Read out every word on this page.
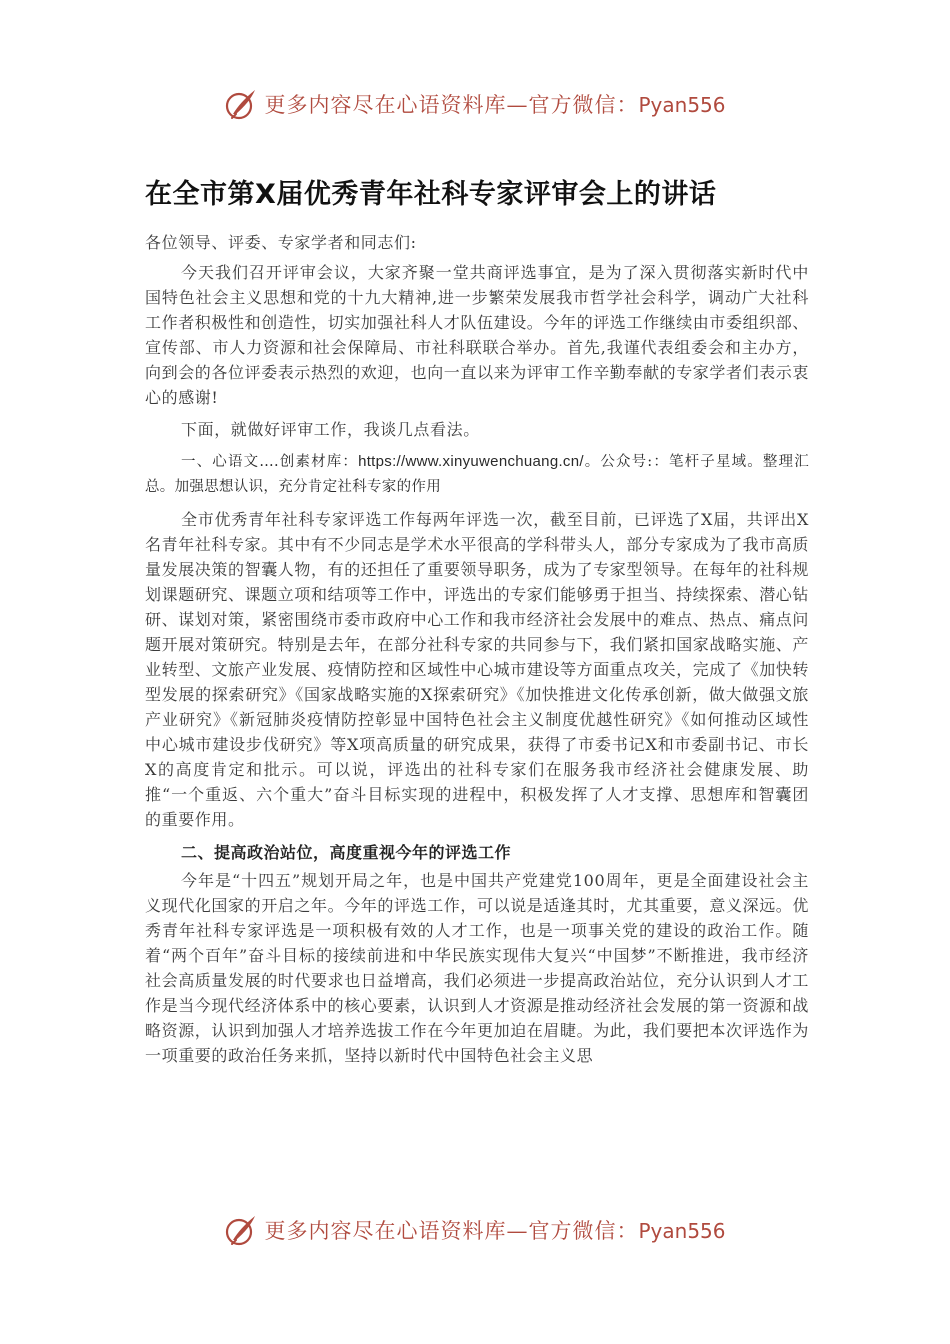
更多内容尽在心语资料库—官方微信：Pyan556
在全市第X届优秀青年社科专家评审会上的讲话

各位领导、评委、专家学者和同志们:

今天我们召开评审会议，大家齐聚一堂共商评选事宜，是为了深入贯彻落实新时代中国特色社会主义思想和党的十九大精神,进一步繁荣发展我市哲学社会科学，调动广大社科工作者积极性和创造性，切实加强社科人才队伍建设。今年的评选工作继续由市委组织部、宣传部、市人力资源和社会保障局、市社科联联合举办。首先,我谨代表组委会和主办方，向到会的各位评委表示热烈的欢迎，也向一直以来为评审工作辛勤奉献的专家学者们表示衷心的感谢!

下面，就做好评审工作，我谈几点看法。

一、心语文….创素材库：https://www.xinyuwenchuang.cn/。公众号:：笔杆子星域。整理汇总。加强思想认识，充分肯定社科专家的作用

全市优秀青年社科专家评选工作每两年评选一次，截至目前，已评选了X届，共评出X名青年社科专家。其中有不少同志是学术水平很高的学科带头人，部分专家成为了我市高质量发展决策的智囊人物，有的还担任了重要领导职务，成为了专家型领导。在每年的社科规划课题研究、课题立项和结项等工作中，评选出的专家们能够勇于担当、持续探索、潜心钻研、谋划对策，紧密围绕市委市政府中心工作和我市经济社会发展中的难点、热点、痛点问题开展对策研究。特别是去年，在部分社科专家的共同参与下，我们紧扣国家战略实施、产业转型、文旅产业发展、疫情防控和区域性中心城市建设等方面重点攻关，完成了《加快转型发展的探索研究》《国家战略实施的X探索研究》《加快推进文化传承创新，做大做强文旅产业研究》《新冠肺炎疫情防控彰显中国特色社会主义制度优越性研究》《如何推动区域性中心城市建设步伐研究》等X项高质量的研究成果，获得了市委书记X和市委副书记、市长X的高度肯定和批示。可以说，评选出的社科专家们在服务我市经济社会健康发展、助推“一个重返、六个重大”奋斗目标实现的进程中，积极发挥了人才支撑、思想库和智囊团的重要作用。

二、提高政治站位，高度重视今年的评选工作

今年是“十四五”规划开局之年，也是中国共产党建党100周年，更是全面建设社会主义现代化国家的开启之年。今年的评选工作，可以说是适逢其时，尤其重要，意义深远。优秀青年社科专家评选是一项积极有效的人才工作，也是一项事关党的建设的政治工作。随着“两个百年”奋斗目标的接续前进和中华民族实现伟大复兴“中国梦”不断推进，我市经济社会高质量发展的时代要求也日益增高，我们必须进一步提高政治站位，充分认识到人才工作是当今现代经济体系中的核心要素，认识到人才资源是推动经济社会发展的第一资源和战略资源，认识到加强人才培养选拔工作在今年更加迫在眉睫。为此，我们要把本次评选作为一项重要的政治任务来抓，坚持以新时代中国特色社会主义思

更多内容尽在心语资料库—官方微信：Pyan556
